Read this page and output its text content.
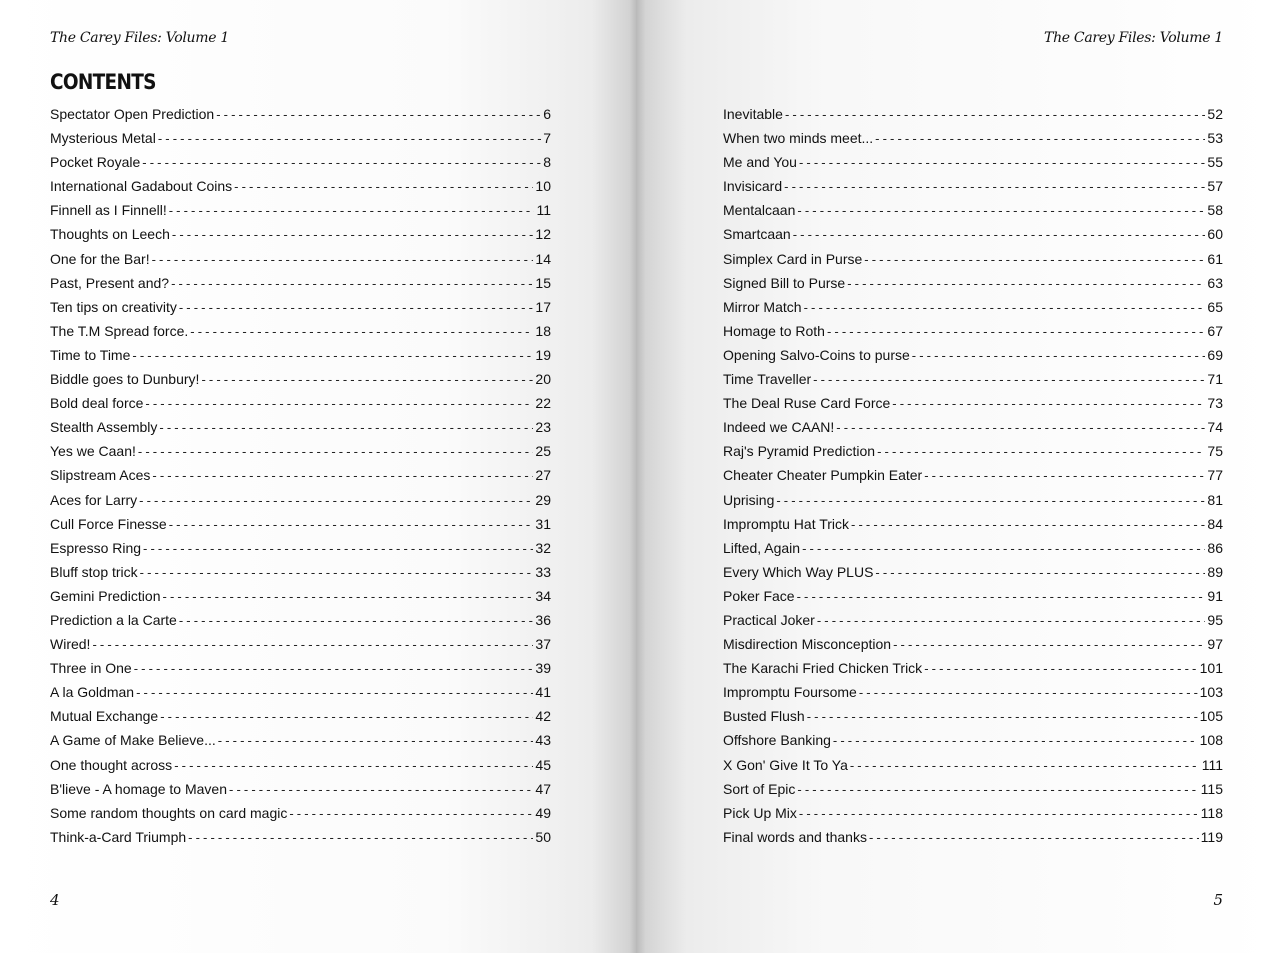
The Carey Files: Volume 1
CONTENTS
Spectator Open Prediction - - -	6
Mysterious Metal - - -	7
Pocket Royale - - -	8
International Gadabout Coins - - -	10
Finnell as I Finnell! - - -	11
Thoughts on Leech - - -	12
One for the Bar! - - -	14
Past, Present and? - - -	15
Ten tips on creativity - - -	17
The T.M Spread force. - - -	18
Time to Time - - -	19
Biddle goes to Dunbury! - - -	20
Bold deal force - - -	22
Stealth Assembly - - -	23
Yes we Caan! - - -	25
Slipstream Aces - - -	27
Aces for Larry - - -	29
Cull Force Finesse - - -	31
Espresso Ring - - -	32
Bluff stop trick - - -	33
Gemini Prediction - - -	34
Prediction a la Carte - - -	36
Wired! - - -	37
Three in One - - -	39
A la Goldman - - -	41
Mutual Exchange - - -	42
A Game of Make Believe... - - -	43
One thought across - - -	45
B'lieve - A homage to Maven - - -	47
Some random thoughts on card magic - - -	49
Think-a-Card Triumph - - -	50
4
The Carey Files: Volume 1
Inevitable - - -	52
When two minds meet... - - -	53
Me and You - - -	55
Invisicard - - -	57
Mentalcaan - - -	58
Smartcaan - - -	60
Simplex Card in Purse - - -	61
Signed Bill to Purse - - -	63
Mirror Match - - -	65
Homage to Roth - - -	67
Opening Salvo-Coins to purse - - -	69
Time Traveller - - -	71
The Deal Ruse Card Force - - -	73
Indeed we CAAN! - - -	74
Raj's Pyramid Prediction - - -	75
Cheater Cheater Pumpkin Eater - - -	77
Uprising - - -	81
Impromptu Hat Trick - - -	84
Lifted, Again - - -	86
Every Which Way PLUS - - -	89
Poker Face - - -	91
Practical Joker - - -	95
Misdirection Misconception - - -	97
The Karachi Fried Chicken Trick - - -	101
Impromptu Foursome - - -	103
Busted Flush - - -	105
Offshore Banking - - -	108
X Gon' Give It To Ya - - -	111
Sort of Epic - - -	115
Pick Up Mix - - -	118
Final words and thanks - - -	119
5
